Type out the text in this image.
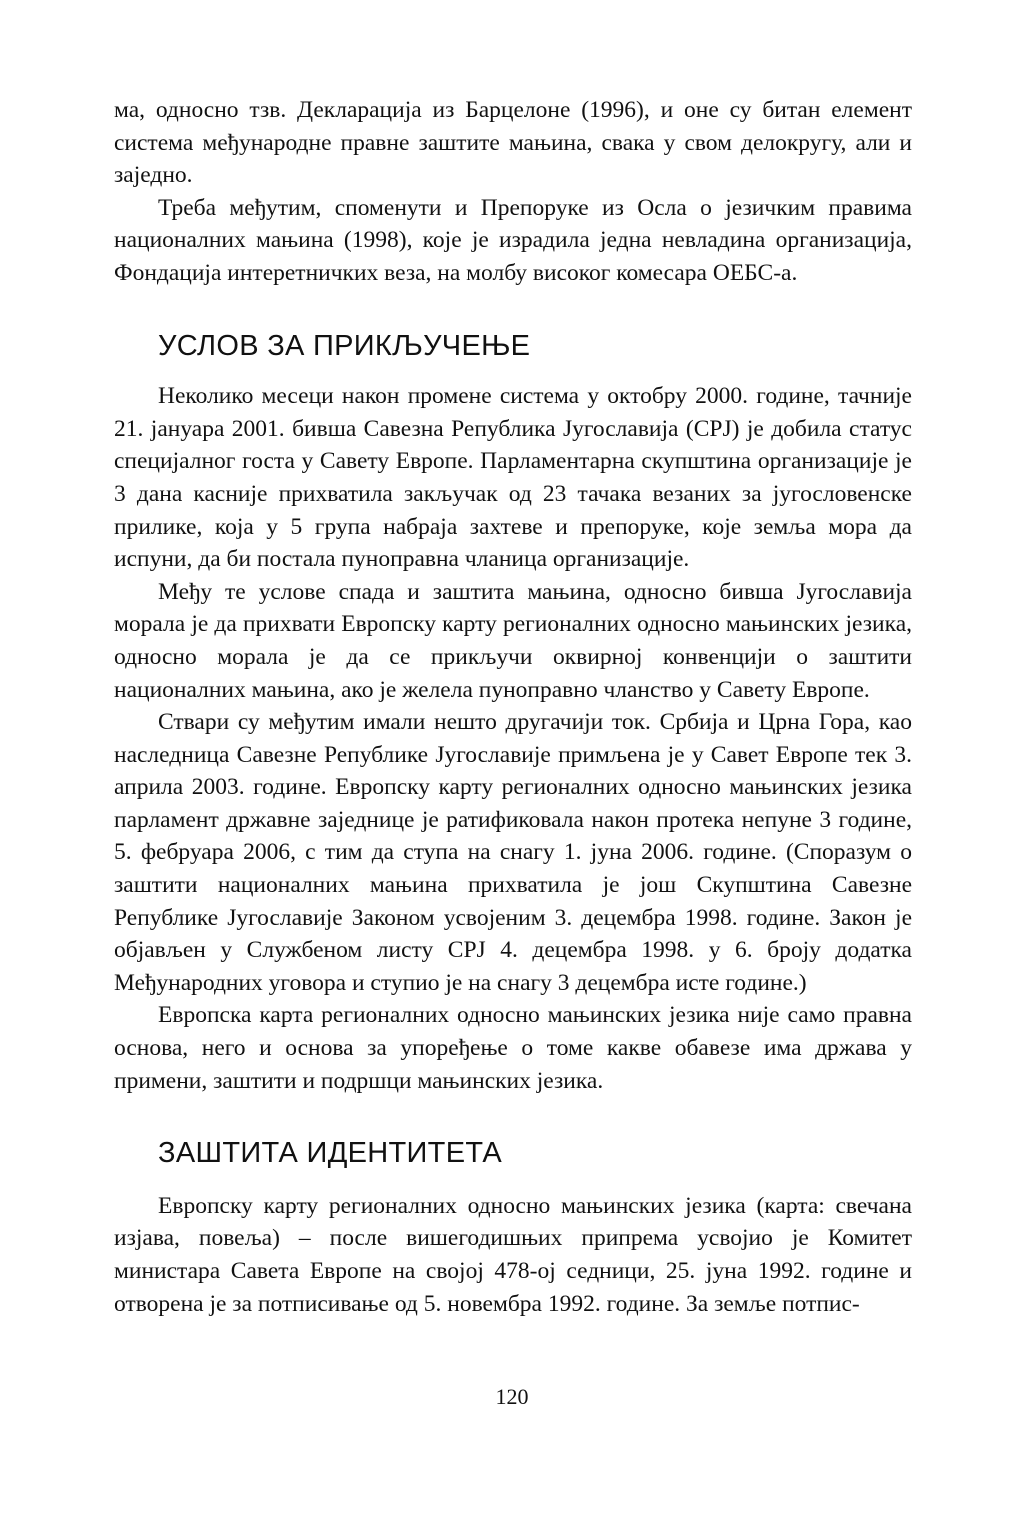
ма, односно тзв. Декларација из Барцелоне (1996), и оне су битан елемент система међународне правне заштите мањина, свака у свом делокругу, али и заједно.

Треба међутим, споменути и Препоруке из Осла о језичким правима националних мањина (1998), које је израдила једна невладина организација, Фондација интеретничких веза, на молбу високог комесара ОЕБС-а.

УСЛОВ ЗА ПРИКЉУЧЕЊЕ

Неколико месеци након промене система у октобру 2000. године, тачније 21. јануара 2001. бивша Савезна Република Југославија (СРЈ) је добила статус специјалног госта у Савету Европе. Парламентарна скупштина организације је 3 дана касније прихватила закључак од 23 тачака везаних за југословенске прилике, која у 5 група набраја захтеве и препоруке, које земља мора да испуни, да би постала пуноправна чланица организације.

Међу те услове спада и заштита мањина, односно бивша Југославија морала је да прихвати Европску карту регионалних односно мањинских језика, односно морала је да се прикључи оквирној конвенцији о заштити националних мањина, ако је желела пуноправно чланство у Савету Европе.

Ствари су међутим имали нешто другачији ток. Србија и Црна Гора, као наследница Савезне Републике Југославије примљена је у Савет Европе тек 3. априла 2003. године. Европску карту регионалних односно мањинских језика парламент државне заједнице је ратификовала након протека непуне 3 године, 5. фебруара 2006, с тим да ступа на снагу 1. јуна 2006. године. (Споразум о заштити националних мањина прихватила је још Скупштина Савезне Републике Југославије Законом усвојеним 3. децембра 1998. године. Закон је објављен у Службеном листу СРЈ 4. децембра 1998. у 6. броју додатка Међународних уговора и ступио је на снагу 3 децембра исте године.)

Европска карта регионалних односно мањинских језика није само правна основа, него и основа за упоређење о томе какве обавезе има држава у примени, заштити и подршци мањинских језика.

ЗАШТИТА ИДЕНТИТЕТА

Европску карту регионалних односно мањинских језика (карта: свечана изјава, повеља) – после вишегодишњих припрема усвојио је Комитет министара Савета Европе на својој 478-ој седници, 25. јуна 1992. године и отворена је за потписивање од 5. новембра 1992. године. За земље потпис-

120
